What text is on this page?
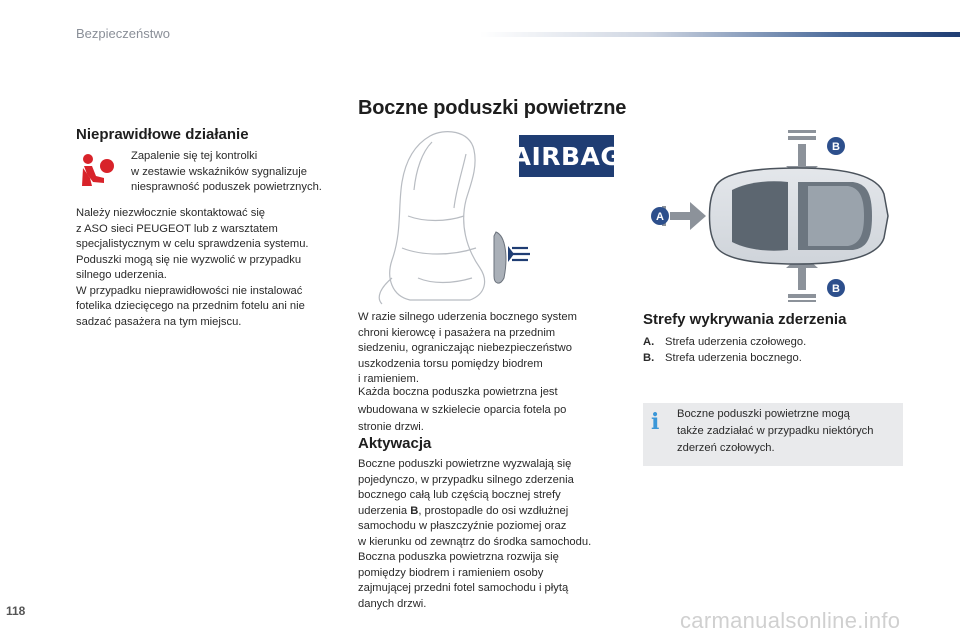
Bezpieczeństwo
Boczne poduszki powietrzne
Nieprawidłowe działanie

Zapalenie się tej kontrolki

w zestawie wskaźników sygnalizuje

niesprawność poduszek powietrznych.

Należy niezwłocznie skontaktować się

z ASO sieci PEUGEOT lub z warsztatem

specjalistycznym w celu sprawdzenia systemu.

Poduszki mogą się nie wyzwolić w przypadku

silnego uderzenia.

W przypadku nieprawidłowości nie instalować

fotelika dziecięcego na przednim fotelu ani nie

sadzać pasażera na tym miejscu.

AIRBAG

W razie silnego uderzenia bocznego system

chroni kierowcę i pasażera na przednim

siedzeniu, ograniczając niebezpieczeństwo

uszkodzenia torsu pomiędzy biodrem

i ramieniem.

Każda boczna poduszka powietrzna jest

wbudowana w szkielecie oparcia fotela po

stronie drzwi.

Aktywacja

Boczne poduszki powietrzne wyzwalają się

pojedynczo, w przypadku silnego zderzenia

bocznego całą lub częścią bocznej strefy

uderzenia B, prostopadle do osi wzdłużnej

samochodu w płaszczyźnie poziomej oraz

w kierunku od zewnątrz do środka samochodu.

Boczna poduszka powietrzna rozwija się

pomiędzy biodrem i ramieniem osoby

zajmującej przedni fotel samochodu i płytą

danych drzwi.

A
B
B
Strefy wykrywania zderzenia
A. Strefa uderzenia czołowego.
B. Strefa uderzenia bocznego.
i	Boczne poduszki powietrzne mogą

także zadziałać w przypadku niektórych

zderzeń czołowych.

118	carmanualsonline.info
